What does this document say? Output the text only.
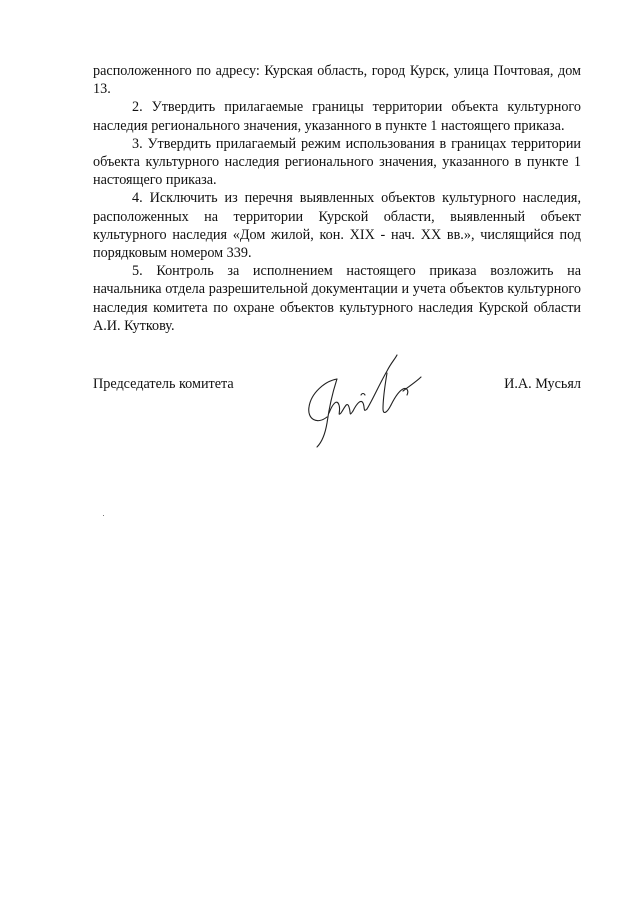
расположенного по адресу: Курская область, город Курск, улица Почтовая, дом 13.

2. Утвердить прилагаемые границы территории объекта культурного наследия регионального значения, указанного в пункте 1 настоящего приказа.

3. Утвердить прилагаемый режим использования в границах территории объекта культурного наследия регионального значения, указанного в пункте 1 настоящего приказа.

4. Исключить из перечня выявленных объектов культурного наследия, расположенных на территории Курской области, выявленный объект культурного наследия «Дом жилой, кон. XIX - нач. XX вв.», числящийся под порядковым номером 339.

5. Контроль за исполнением настоящего приказа возложить на начальника отдела разрешительной документации и учета объектов культурного наследия комитета по охране объектов культурного наследия Курской области А.И. Куткову.

Председатель комитета	И.А. Мусьял
